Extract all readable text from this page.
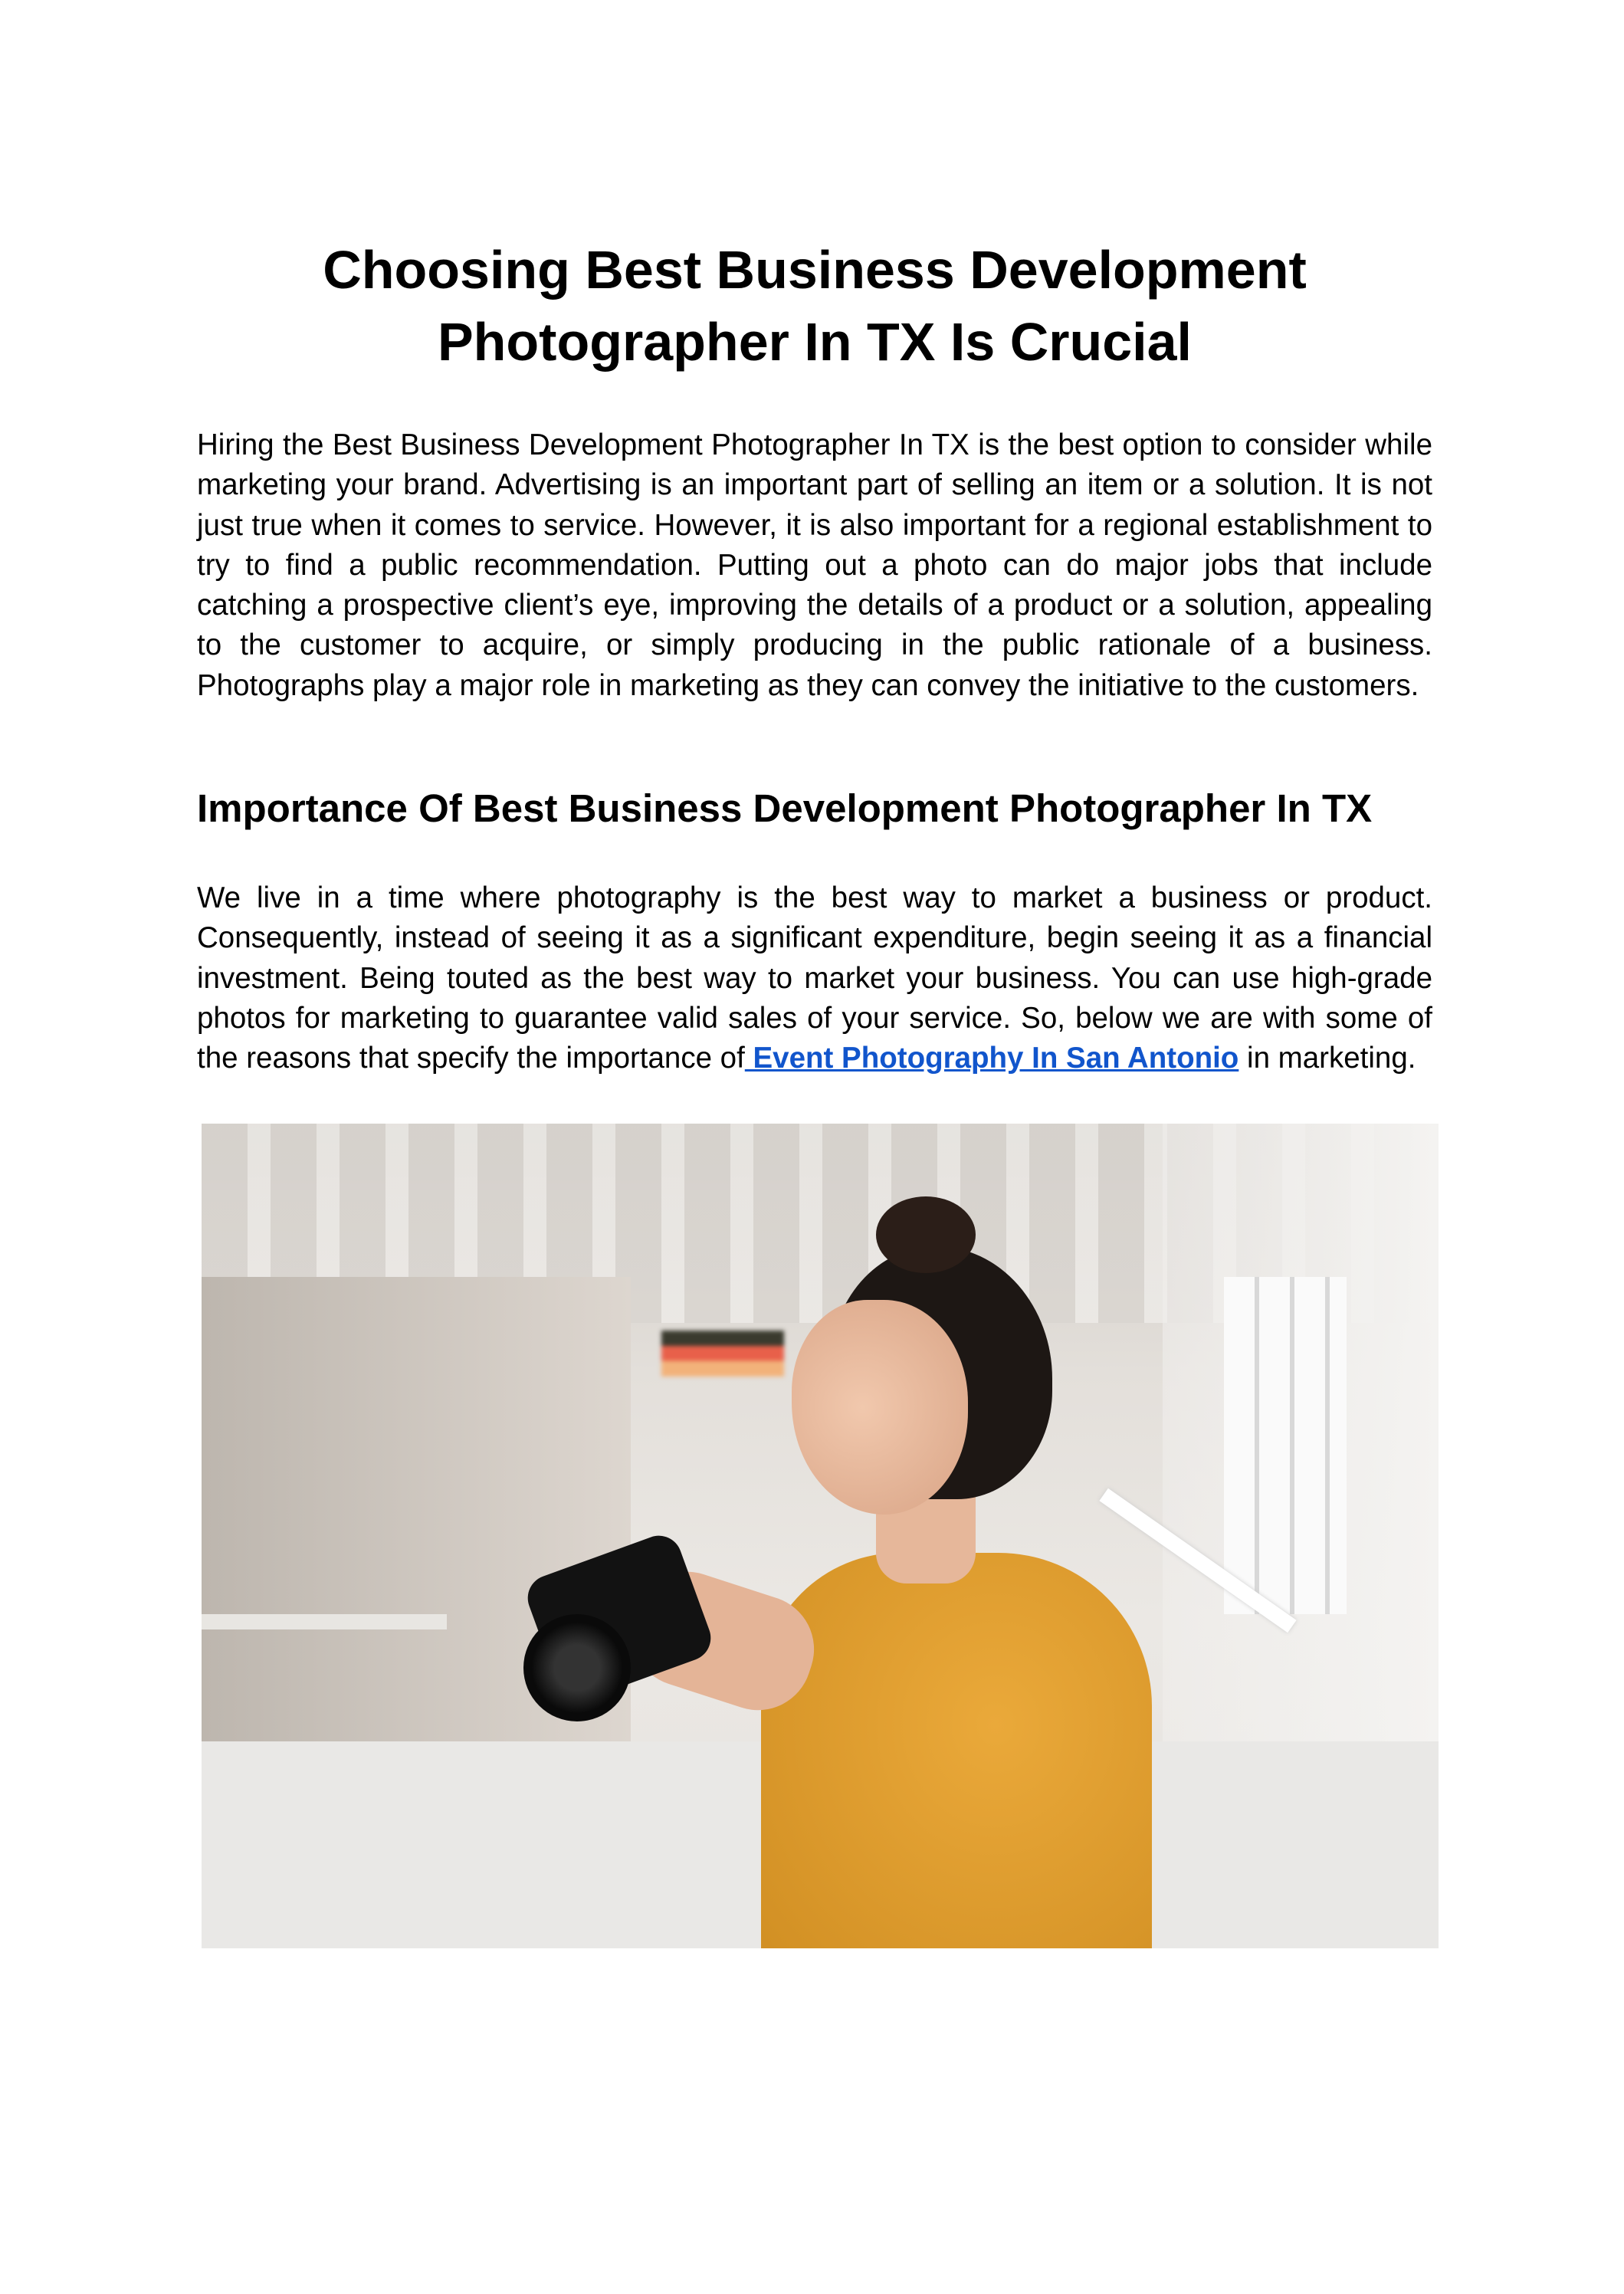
Choosing Best Business Development Photographer In TX Is Crucial

Hiring the Best Business Development Photographer In TX is the best option to consider while marketing your brand. Advertising is an important part of selling an item or a solution. It is not just true when it comes to service. However, it is also important for a regional establishment to try to find a public recommendation. Putting out a photo can do major jobs that include catching a prospective client’s eye, improving the details of a product or a solution, appealing to the customer to acquire, or simply producing in the public rationale of a business. Photographs play a major role in marketing as they can convey the initiative to the customers.

Importance Of Best Business Development Photographer In TX

We live in a time where photography is the best way to market a business or product. Consequently, instead of seeing it as a significant expenditure, begin seeing it as a financial investment. Being touted as the best way to market your business. You can use high-grade photos for marketing to guarantee valid sales of your service. So, below we are with some of the reasons that specify the importance of Event Photography In San Antonio in marketing.
